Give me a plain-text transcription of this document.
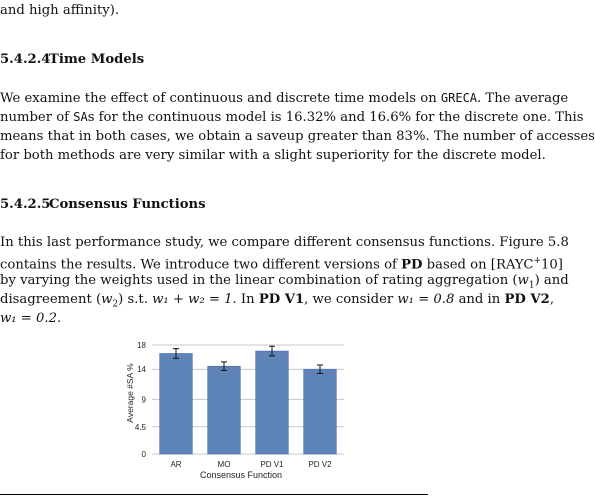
and high affinity).
5.4.2.4Time Models
We examine the effect of continuous and discrete time models on GRECA. The average
number of SAs for the continuous model is 16.32% and 16.6% for the discrete one. This
means that in both cases, we obtain a saveup greater than 83%. The number of accesses
for both methods are very similar with a slight superiority for the discrete model.
5.4.2.5Consensus Functions
In this last performance study, we compare different consensus functions. Figure 5.8
contains the results. We introduce two different versions of PD based on [RAYC+10]
by varying the weights used in the linear combination of rating aggregation $(w_1)$ and
disagreement $(w_2)$ s.t. w₁ + w₂ = 1. In PD V1, we consider w₁ = 0.8 and in PD V2,
w₁ = 0.2.
0
4.5
9
14
18
AR	MO	PD V1	PD V2
Average #SA %
Consensus Function
